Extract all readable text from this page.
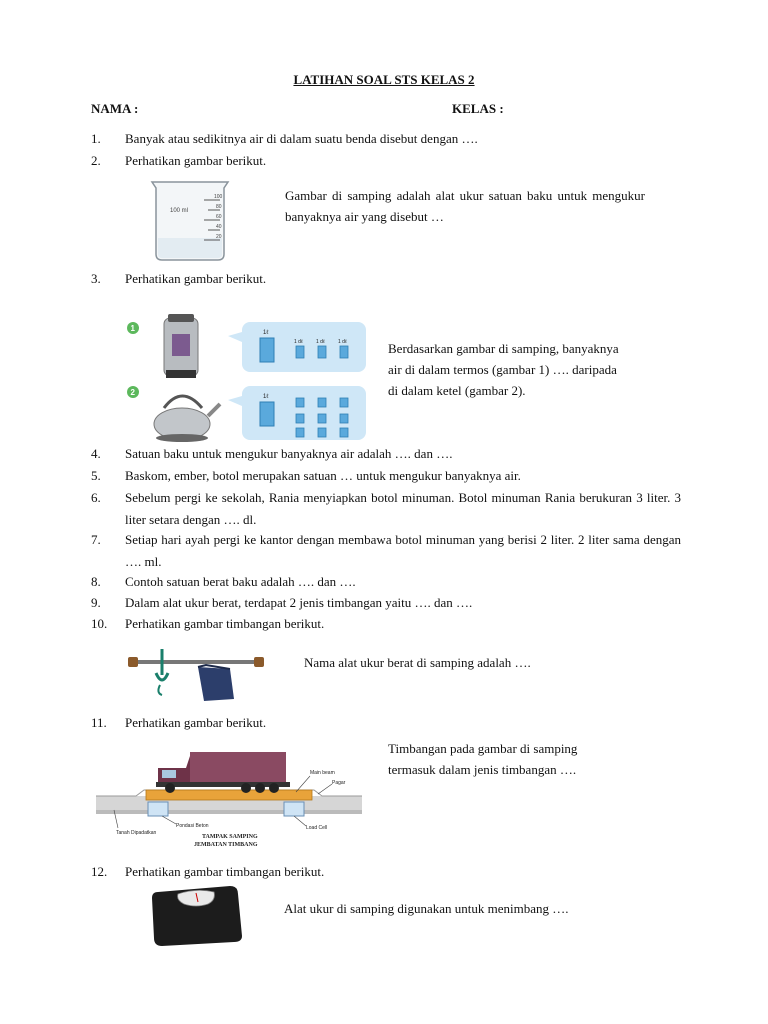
LATIHAN SOAL STS KELAS 2
NAMA :	KELAS :
1.	Banyak atau sedikitnya air di dalam suatu benda disebut dengan ….
2.	Perhatikan gambar berikut.
100 ml
100
80
60
40
20
Gambar di samping adalah alat ukur satuan baku untuk mengukur banyaknya air yang disebut …
3.	Perhatikan gambar berikut.
1
2
1ℓ
1 dℓ	1 dℓ	1 dℓ
1ℓ
Berdasarkan gambar di samping, banyaknya
air di dalam termos (gambar 1) …. daripada
di dalam ketel (gambar 2).
4.	Satuan baku untuk mengukur banyaknya air adalah …. dan ….
5.	Baskom, ember, botol merupakan satuan … untuk mengukur banyaknya air.
6.	Sebelum pergi ke sekolah, Rania menyiapkan botol minuman. Botol minuman Rania berukuran 3 liter. 3 liter setara dengan …. dl.
7.	Setiap hari ayah pergi ke kantor dengan membawa botol minuman yang berisi 2 liter. 2 liter sama dengan …. ml.
8.	Contoh satuan berat baku adalah …. dan ….
9.	Dalam alat ukur berat, terdapat 2 jenis timbangan yaitu …. dan ….
10.	Perhatikan gambar timbangan berikut.
Nama alat ukur berat di samping adalah ….
11.	Perhatikan gambar berikut.
Main beam
Pagar
Pondasi Beton
Tanah Dipadatkan
Load Cell
TAMPAK SAMPING
JEMBATAN TIMBANG
Timbangan pada gambar di samping
termasuk dalam jenis timbangan ….
12.	Perhatikan gambar timbangan berikut.
Alat ukur di samping digunakan untuk menimbang ….
